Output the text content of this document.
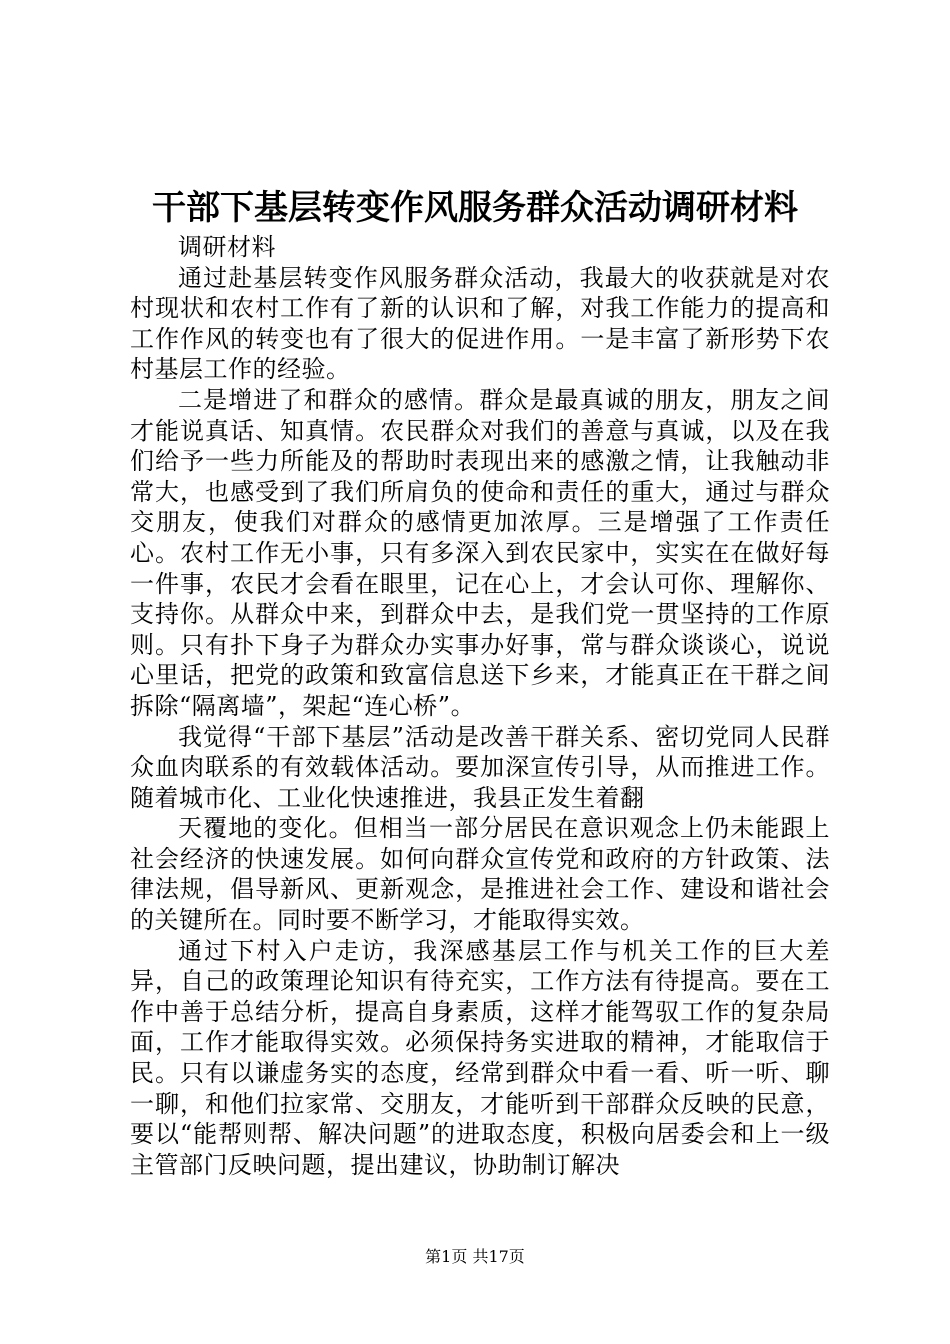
干部下基层转变作风服务群众活动调研材料

调研材料

通过赴基层转变作风服务群众活动，我最大的收获就是对农村现状和农村工作有了新的认识和了解，对我工作能力的提高和工作作风的转变也有了很大的促进作用。一是丰富了新形势下农村基层工作的经验。

二是增进了和群众的感情。群众是最真诚的朋友，朋友之间才能说真话、知真情。农民群众对我们的善意与真诚，以及在我们给予一些力所能及的帮助时表现出来的感激之情，让我触动非常大，也感受到了我们所肩负的使命和责任的重大，通过与群众交朋友，使我们对群众的感情更加浓厚。三是增强了工作责任心。农村工作无小事，只有多深入到农民家中，实实在在做好每一件事，农民才会看在眼里，记在心上，才会认可你、理解你、支持你。从群众中来，到群众中去，是我们党一贯坚持的工作原则。只有扑下身子为群众办实事办好事，常与群众谈谈心，说说心里话，把党的政策和致富信息送下乡来，才能真正在干群之间拆除“隔离墙”，架起“连心桥”。

我觉得“干部下基层”活动是改善干群关系、密切党同人民群众血肉联系的有效载体活动。要加深宣传引导，从而推进工作。随着城市化、工业化快速推进，我县正发生着翻

天覆地的变化。但相当一部分居民在意识观念上仍未能跟上社会经济的快速发展。如何向群众宣传党和政府的方针政策、法律法规，倡导新风、更新观念，是推进社会工作、建设和谐社会的关键所在。同时要不断学习，才能取得实效。

通过下村入户走访，我深感基层工作与机关工作的巨大差异，自己的政策理论知识有待充实，工作方法有待提高。要在工作中善于总结分析，提高自身素质，这样才能驾驭工作的复杂局面，工作才能取得实效。必须保持务实进取的精神，才能取信于民。只有以谦虚务实的态度，经常到群众中看一看、听一听、聊一聊，和他们拉家常、交朋友，才能听到干部群众反映的民意，要以“能帮则帮、解决问题”的进取态度，积极向居委会和上一级主管部门反映问题，提出建议，协助制订解决

第1页 共17页
